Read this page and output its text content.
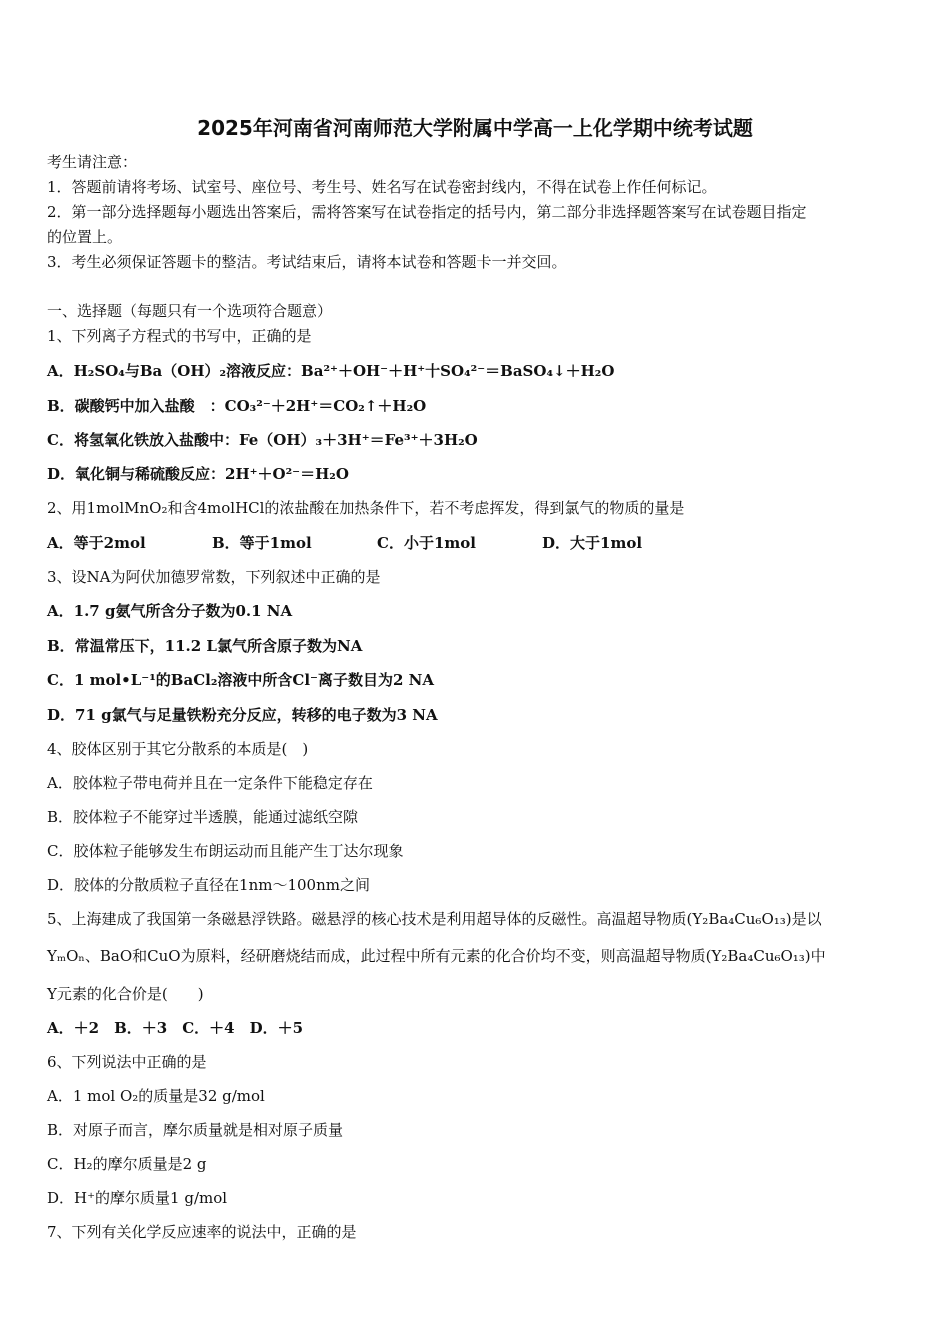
2025年河南省河南师范大学附属中学高一上化学期中统考试题
考生请注意：
1．答题前请将考场、试室号、座位号、考生号、姓名写在试卷密封线内，不得在试卷上作任何标记。
2．第一部分选择题每小题选出答案后，需将答案写在试卷指定的括号内，第二部分非选择题答案写在试卷题目指定
的位置上。
3．考生必须保证答题卡的整洁。考试结束后，请将本试卷和答题卡一并交回。
一、选择题（每题只有一个选项符合题意）
1、下列离子方程式的书写中，正确的是
A．H₂SO₄与Ba（OH）₂溶液反应：Ba²⁺＋OH⁻＋H⁺十SO₄²⁻＝BaSO₄↓＋H₂O
B．碳酸钙中加入盐酸　：CO₃²⁻＋2H⁺＝CO₂↑＋H₂O
C．将氢氧化铁放入盐酸中：Fe（OH）₃＋3H⁺＝Fe³⁺＋3H₂O
D．氧化铜与稀硫酸反应：2H⁺＋O²⁻＝H₂O
2、用1molMnO₂和含4molHCl的浓盐酸在加热条件下，若不考虑挥发，得到氯气的物质的量是
A．等于2mol	B．等于1mol	C．小于1mol	D．大于1mol
3、设NA为阿伏加德罗常数，下列叙述中正确的是
A．1.7 g氨气所含分子数为0.1 NA
B．常温常压下，11.2 L氯气所含原子数为NA
C．1 mol•L⁻¹的BaCl₂溶液中所含Cl⁻离子数目为2 NA
D．71 g氯气与足量铁粉充分反应，转移的电子数为3 NA
4、胶体区别于其它分散系的本质是(　)
A．胶体粒子带电荷并且在一定条件下能稳定存在
B．胶体粒子不能穿过半透膜，能通过滤纸空隙
C．胶体粒子能够发生布朗运动而且能产生丁达尔现象
D．胶体的分散质粒子直径在1nm～100nm之间
5、上海建成了我国第一条磁悬浮铁路。磁悬浮的核心技术是利用超导体的反磁性。高温超导物质(Y₂Ba₄Cu₆O₁₃)是以
YₘOₙ、BaO和CuO为原料，经研磨烧结而成，此过程中所有元素的化合价均不变，则高温超导物质(Y₂Ba₄Cu₆O₁₃)中
Y元素的化合价是(　　)
A．＋2　B．＋3　C．＋4　D．＋5
6、下列说法中正确的是
A．1 mol O₂的质量是32 g/mol
B．对原子而言，摩尔质量就是相对原子质量
C．H₂的摩尔质量是2 g
D．H⁺的摩尔质量1 g/mol
7、下列有关化学反应速率的说法中，正确的是
